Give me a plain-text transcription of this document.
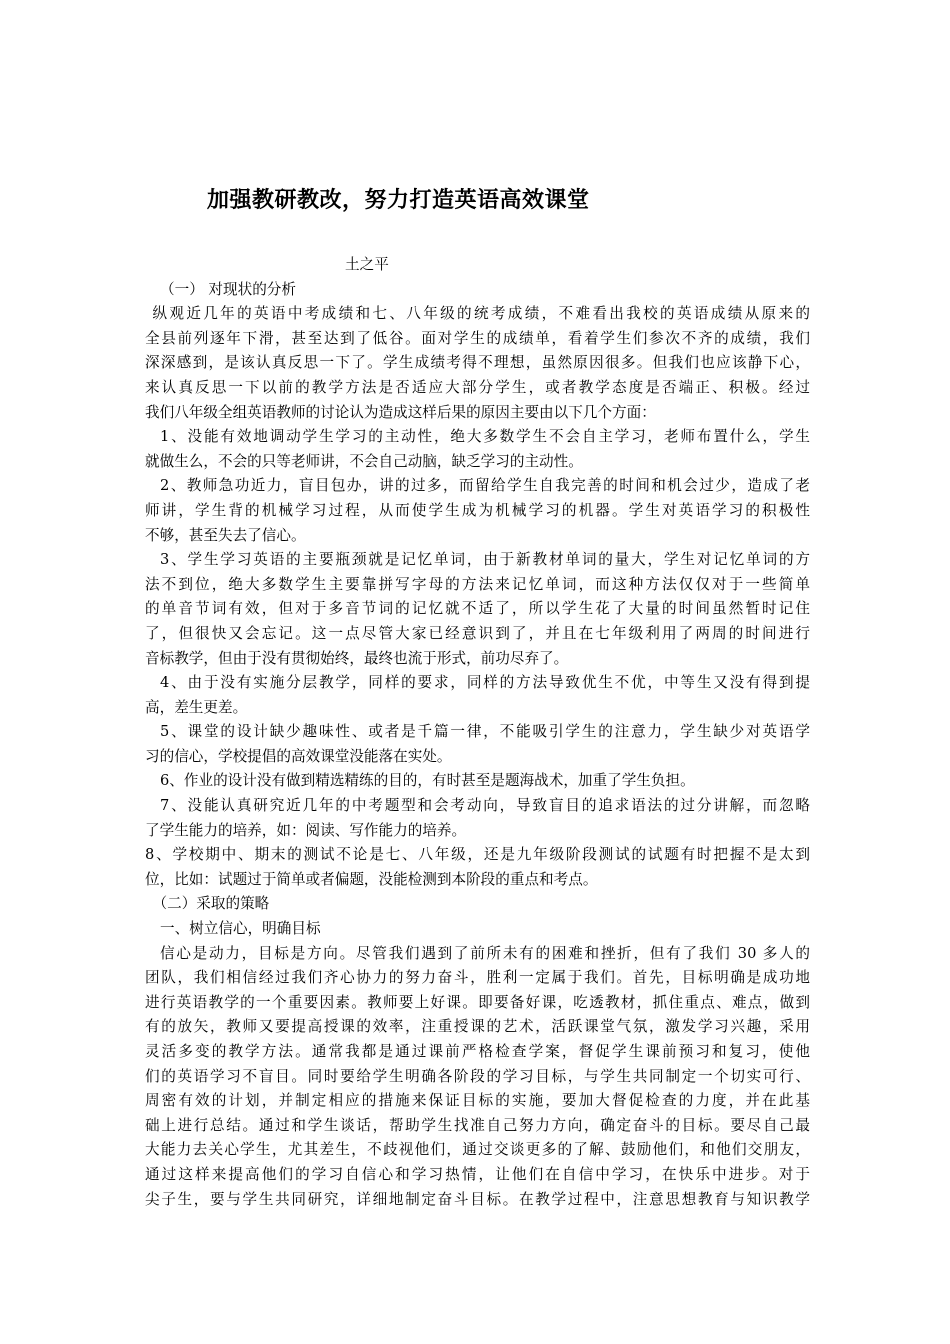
加强教研教改，努力打造英语高效课堂
土之平
（一） 对现状的分析
纵观近几年的英语中考成绩和七、八年级的统考成绩，不难看出我校的英语成绩从原来的
全县前列逐年下滑，甚至达到了低谷。面对学生的成绩单，看着学生们参次不齐的成绩，我们
深深感到，是该认真反思一下了。学生成绩考得不理想，虽然原因很多。但我们也应该静下心，
来认真反思一下以前的教学方法是否适应大部分学生，或者教学态度是否端正、积极。经过
我们八年级全组英语教师的讨论认为造成这样后果的原因主要由以下几个方面：
1、没能有效地调动学生学习的主动性，绝大多数学生不会自主学习，老师布置什么，学生
就做生么，不会的只等老师讲，不会自己动脑，缺乏学习的主动性。
2、教师急功近力，盲目包办，讲的过多，而留给学生自我完善的时间和机会过少，造成了老
师讲，学生背的机械学习过程，从而使学生成为机械学习的机器。学生对英语学习的积极性
不够，甚至失去了信心。
3、学生学习英语的主要瓶颈就是记忆单词，由于新教材单词的量大，学生对记忆单词的方
法不到位，绝大多数学生主要靠拼写字母的方法来记忆单词，而这种方法仅仅对于一些简单
的单音节词有效，但对于多音节词的记忆就不适了，所以学生花了大量的时间虽然暂时记住
了，但很快又会忘记。这一点尽管大家已经意识到了，并且在七年级利用了两周的时间进行
音标教学，但由于没有贯彻始终，最终也流于形式，前功尽弃了。
4、由于没有实施分层教学，同样的要求，同样的方法导致优生不优，中等生又没有得到提
高，差生更差。
5、课堂的设计缺少趣味性、或者是千篇一律，不能吸引学生的注意力，学生缺少对英语学
习的信心，学校提倡的高效课堂没能落在实处。
6、作业的设计没有做到精选精练的目的，有时甚至是题海战术，加重了学生负担。
7、没能认真研究近几年的中考题型和会考动向，导致盲目的追求语法的过分讲解，而忽略
了学生能力的培养，如：阅读、写作能力的培养。
8、学校期中、期末的测试不论是七、八年级，还是九年级阶段测试的试题有时把握不是太到
位，比如：试题过于简单或者偏题，没能检测到本阶段的重点和考点。
（二）采取的策略
一、树立信心，明确目标
信心是动力，目标是方向。尽管我们遇到了前所未有的困难和挫折，但有了我们 30 多人的
团队，我们相信经过我们齐心协力的努力奋斗，胜利一定属于我们。首先，目标明确是成功地
进行英语教学的一个重要因素。教师要上好课。即要备好课，吃透教材，抓住重点、难点，做到
有的放矢，教师又要提高授课的效率，注重授课的艺术，活跃课堂气氛，激发学习兴趣，采用
灵活多变的教学方法。通常我都是通过课前严格检查学案，督促学生课前预习和复习，使他
们的英语学习不盲目。同时要给学生明确各阶段的学习目标，与学生共同制定一个切实可行、
周密有效的计划，并制定相应的措施来保证目标的实施，要加大督促检查的力度，并在此基
础上进行总结。通过和学生谈话，帮助学生找准自己努力方向，确定奋斗的目标。要尽自己最
大能力去关心学生，尤其差生，不歧视他们，通过交谈更多的了解、鼓励他们，和他们交朋友，
通过这样来提高他们的学习自信心和学习热情，让他们在自信中学习，在快乐中进步。对于
尖子生，要与学生共同研究，详细地制定奋斗目标。在教学过程中，注意思想教育与知识教学
